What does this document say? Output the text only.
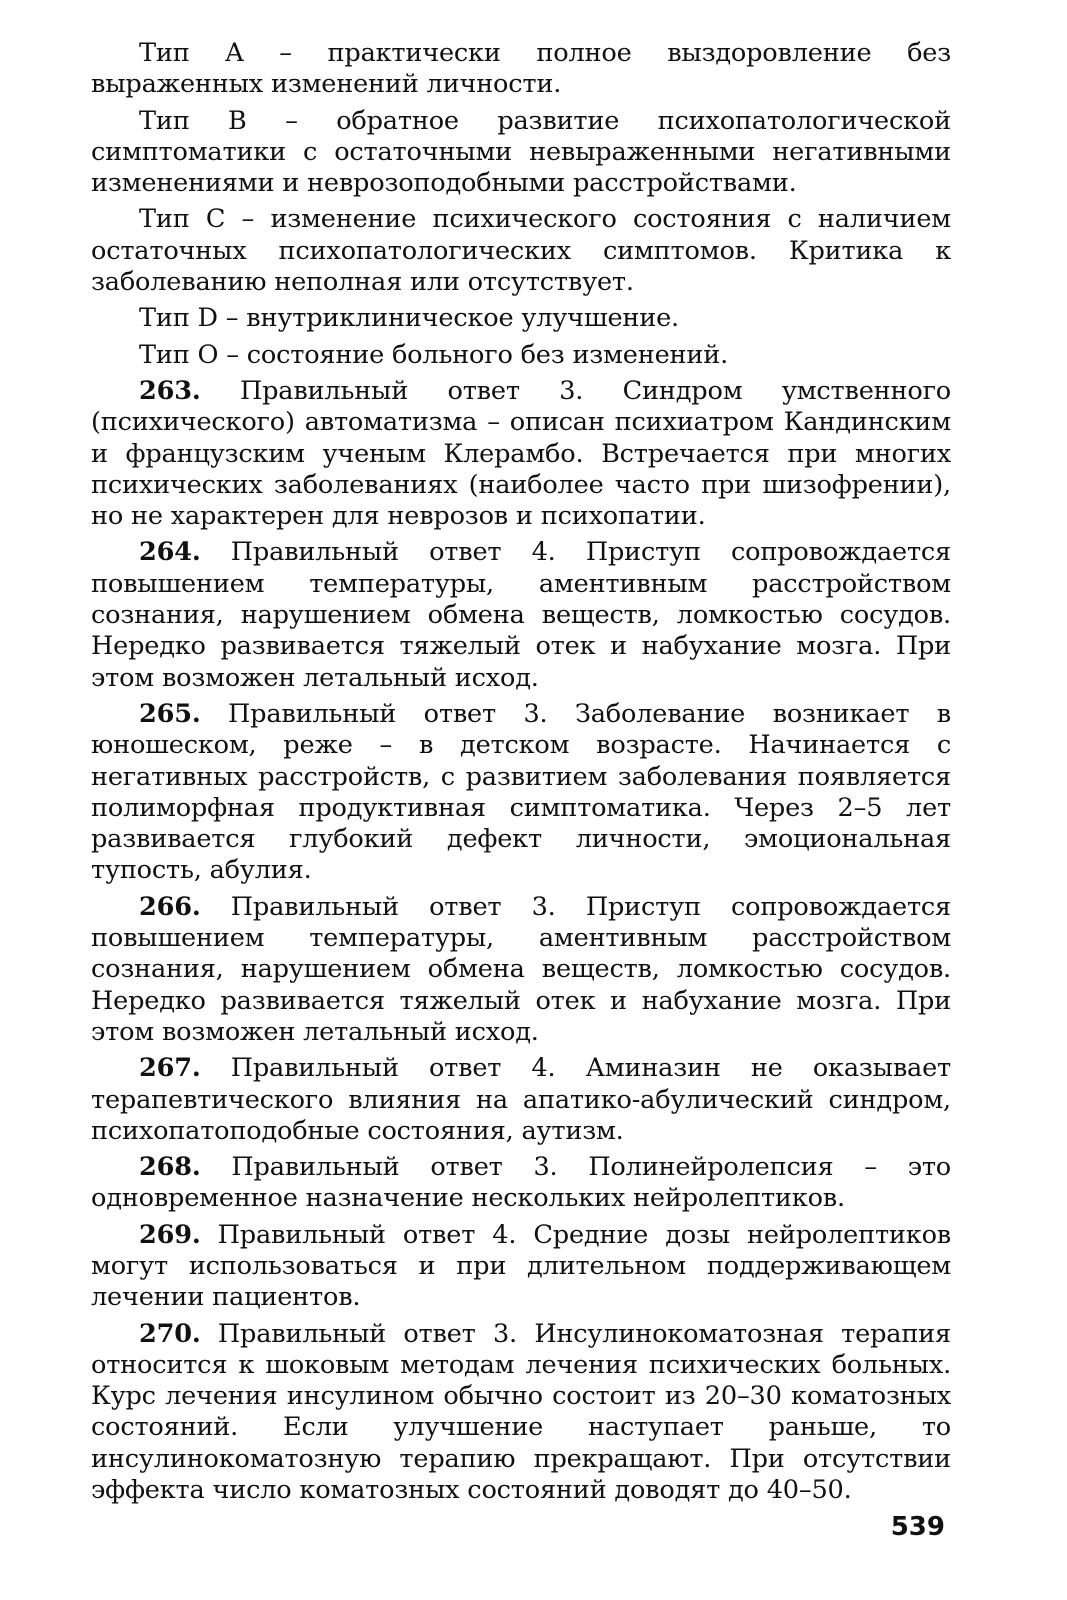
Тип A – практически полное выздоровление без выраженных изменений личности.

Тип B – обратное развитие психопатологической симптоматики с остаточными невыраженными негативными изменениями и неврозоподобными расстройствами.

Тип C – изменение психического состояния с наличием остаточных психопатологических симптомов. Критика к заболеванию неполная или отсутствует.

Тип D – внутриклиническое улучшение.

Тип O – состояние больного без изменений.

263. Правильный ответ 3. Синдром умственного (психического) автоматизма – описан психиатром Кандинским и французским ученым Клерамбо. Встречается при многих психических заболеваниях (наиболее часто при шизофрении), но не характерен для неврозов и психопатии.

264. Правильный ответ 4. Приступ сопровождается повышением температуры, аментивным расстройством сознания, нарушением обмена веществ, ломкостью сосудов. Нередко развивается тяжелый отек и набухание мозга. При этом возможен летальный исход.

265. Правильный ответ 3. Заболевание возникает в юношеском, реже – в детском возрасте. Начинается с негативных расстройств, с развитием заболевания появляется полиморфная продуктивная симптоматика. Через 2–5 лет развивается глубокий дефект личности, эмоциональная тупость, абулия.

266. Правильный ответ 3. Приступ сопровождается повышением температуры, аментивным расстройством сознания, нарушением обмена веществ, ломкостью сосудов. Нередко развивается тяжелый отек и набухание мозга. При этом возможен летальный исход.

267. Правильный ответ 4. Аминазин не оказывает терапевтического влияния на апатико-абулический синдром, психопатоподобные состояния, аутизм.

268. Правильный ответ 3. Полинейролепсия – это одновременное назначение нескольких нейролептиков.

269. Правильный ответ 4. Средние дозы нейролептиков могут использоваться и при длительном поддерживающем лечении пациентов.

270. Правильный ответ 3. Инсулинокоматозная терапия относится к шоковым методам лечения психических больных. Курс лечения инсулином обычно состоит из 20–30 коматозных состояний. Если улучшение наступает раньше, то инсулинокоматозную терапию прекращают. При отсутствии эффекта число коматозных состояний доводят до 40–50.

539
